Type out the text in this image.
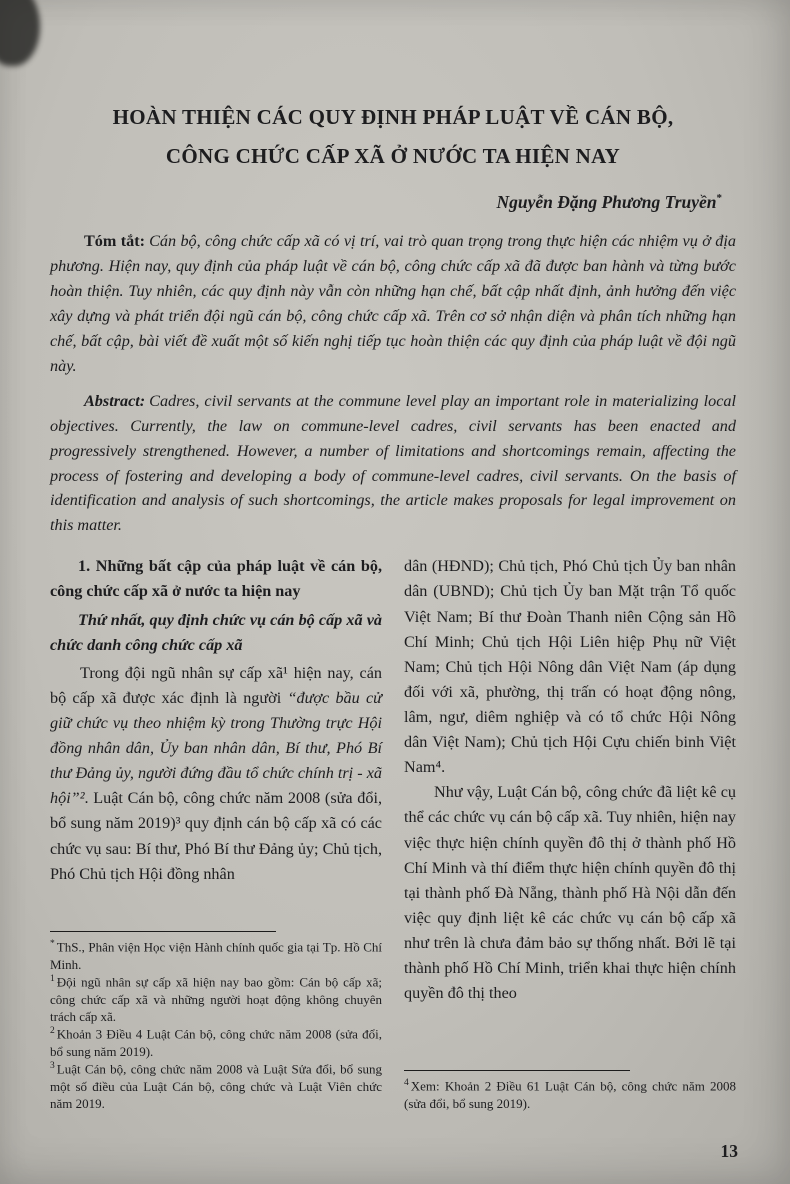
HOÀN THIỆN CÁC QUY ĐỊNH PHÁP LUẬT VỀ CÁN BỘ,
CÔNG CHỨC CẤP XÃ Ở NƯỚC TA HIỆN NAY
Nguyễn Đặng Phương Truyền*

Tóm tắt: Cán bộ, công chức cấp xã có vị trí, vai trò quan trọng trong thực hiện các nhiệm vụ ở địa phương. Hiện nay, quy định của pháp luật về cán bộ, công chức cấp xã đã được ban hành và từng bước hoàn thiện. Tuy nhiên, các quy định này vẫn còn những hạn chế, bất cập nhất định, ảnh hưởng đến việc xây dựng và phát triển đội ngũ cán bộ, công chức cấp xã. Trên cơ sở nhận diện và phân tích những hạn chế, bất cập, bài viết đề xuất một số kiến nghị tiếp tục hoàn thiện các quy định của pháp luật về đội ngũ này.

Abstract: Cadres, civil servants at the commune level play an important role in materializing local objectives. Currently, the law on commune-level cadres, civil servants has been enacted and progressively strengthened. However, a number of limitations and shortcomings remain, affecting the process of fostering and developing a body of commune-level cadres, civil servants. On the basis of identification and analysis of such shortcomings, the article makes proposals for legal improvement on this matter.

1. Những bất cập của pháp luật về cán bộ, công chức cấp xã ở nước ta hiện nay

Thứ nhất, quy định chức vụ cán bộ cấp xã và chức danh công chức cấp xã

Trong đội ngũ nhân sự cấp xã¹ hiện nay, cán bộ cấp xã được xác định là người “được bầu cử giữ chức vụ theo nhiệm kỳ trong Thường trực Hội đồng nhân dân, Ủy ban nhân dân, Bí thư, Phó Bí thư Đảng ủy, người đứng đầu tổ chức chính trị - xã hội”². Luật Cán bộ, công chức năm 2008 (sửa đổi, bổ sung năm 2019)³ quy định cán bộ cấp xã có các chức vụ sau: Bí thư, Phó Bí thư Đảng ủy; Chủ tịch, Phó Chủ tịch Hội đồng nhân

* ThS., Phân viện Học viện Hành chính quốc gia tại Tp. Hồ Chí Minh.

$^1$ Đội ngũ nhân sự cấp xã hiện nay bao gồm: Cán bộ cấp xã; công chức cấp xã và những người hoạt động không chuyên trách cấp xã.

$^2$ Khoản 3 Điều 4 Luật Cán bộ, công chức năm 2008 (sửa đổi, bổ sung năm 2019).

$^3$ Luật Cán bộ, công chức năm 2008 và Luật Sửa đổi, bổ sung một số điều của Luật Cán bộ, công chức và Luật Viên chức năm 2019.

dân (HĐND); Chủ tịch, Phó Chủ tịch Ủy ban nhân dân (UBND); Chủ tịch Ủy ban Mặt trận Tổ quốc Việt Nam; Bí thư Đoàn Thanh niên Cộng sản Hồ Chí Minh; Chủ tịch Hội Liên hiệp Phụ nữ Việt Nam; Chủ tịch Hội Nông dân Việt Nam (áp dụng đối với xã, phường, thị trấn có hoạt động nông, lâm, ngư, diêm nghiệp và có tổ chức Hội Nông dân Việt Nam); Chủ tịch Hội Cựu chiến binh Việt Nam⁴.

Như vậy, Luật Cán bộ, công chức đã liệt kê cụ thể các chức vụ cán bộ cấp xã. Tuy nhiên, hiện nay việc thực hiện chính quyền đô thị ở thành phố Hồ Chí Minh và thí điểm thực hiện chính quyền đô thị tại thành phố Đà Nẵng, thành phố Hà Nội dẫn đến việc quy định liệt kê các chức vụ cán bộ cấp xã như trên là chưa đảm bảo sự thống nhất. Bởi lẽ tại thành phố Hồ Chí Minh, triển khai thực hiện chính quyền đô thị theo

$^4$ Xem: Khoản 2 Điều 61 Luật Cán bộ, công chức năm 2008 (sửa đổi, bổ sung 2019).

13
